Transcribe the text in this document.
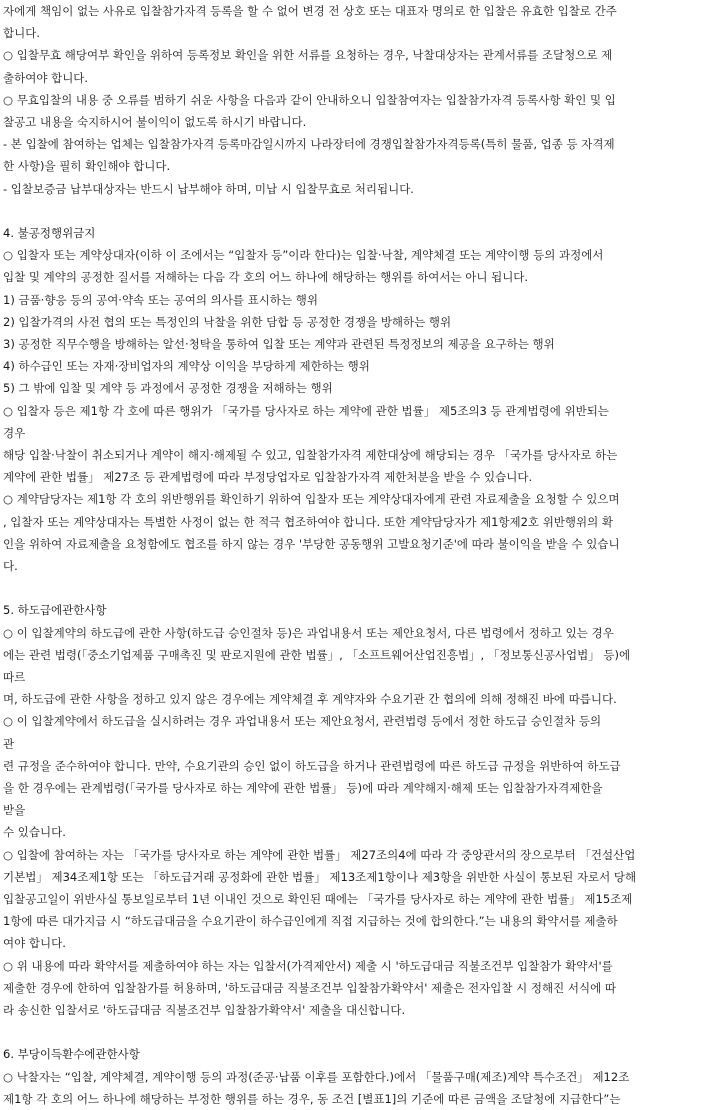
자에게 책임이 없는 사유로 입찰참가자격 등록을 할 수 없어 변경 전 상호 또는 대표자 명의로 한 입찰은 유효한 입찰로 간주
합니다.
○ 입찰무효 해당여부 확인을 위하여 등록정보 확인을 위한 서류를 요청하는 경우, 낙찰대상자는 관계서류를 조달청으로 제
출하여야 합니다.
○ 무효입찰의 내용 중 오류를 범하기 쉬운 사항을 다음과 같이 안내하오니 입찰참여자는 입찰참가자격 등록사항 확인 및 입
찰공고 내용을 숙지하시어 불이익이 없도록 하시기 바랍니다.
- 본 입찰에 참여하는 업체는 입찰참가자격 등록마감일시까지 나라장터에 경쟁입찰참가자격등록(특히 물품, 업종 등 자격제
한 사항)을 필히 확인해야 합니다.
- 입찰보증금 납부대상자는 반드시 납부해야 하며, 미납 시 입찰무효로 처리됩니다.
4. 불공정행위금지
○ 입찰자 또는 계약상대자(이하 이 조에서는 “입찰자 등”이라 한다)는 입찰·낙찰, 계약체결 또는 계약이행 등의 과정에서
입찰 및 계약의 공정한 질서를 저해하는 다음 각 호의 어느 하나에 해당하는 행위를 하여서는 아니 됩니다.
1) 금품·향응 등의 공여·약속 또는 공여의 의사를 표시하는 행위
2) 입찰가격의 사전 협의 또는 특정인의 낙찰을 위한 담합 등 공정한 경쟁을 방해하는 행위
3) 공정한 직무수행을 방해하는 알선·청탁을 통하여 입찰 또는 계약과 관련된 특정정보의 제공을 요구하는 행위
4) 하수급인 또는 자재·장비업자의 계약상 이익을 부당하게 제한하는 행위
5) 그 밖에 입찰 및 계약 등 과정에서 공정한 경쟁을 저해하는 행위
○ 입찰자 등은 제1항 각 호에 따른 행위가 「국가를 당사자로 하는 계약에 관한 법률」 제5조의3 등 관계법령에 위반되는
경우
해당 입찰·낙찰이 취소되거나 계약이 해지·해제될 수 있고, 입찰참가자격 제한대상에 해당되는 경우 「국가를 당사자로 하는
계약에 관한 법률」 제27조 등 관계법령에 따라 부정당업자로 입찰참가자격 제한처분을 받을 수 있습니다.
○ 계약담당자는 제1항 각 호의 위반행위를 확인하기 위하여 입찰자 또는 계약상대자에게 관련 자료제출을 요청할 수 있으며
, 입찰자 또는 계약상대자는 특별한 사정이 없는 한 적극 협조하여야 합니다. 또한 계약담당자가 제1항제2호 위반행위의 확
인을 위하여 자료제출을 요청함에도 협조를 하지 않는 경우 '부당한 공동행위 고발요청기준'에 따라 불이익을 받을 수 있습니
다.
5. 하도급에관한사항
○ 이 입찰계약의 하도급에 관한 사항(하도급 승인절차 등)은 과업내용서 또는 제안요청서, 다른 법령에서 정하고 있는 경우
에는 관련 법령(「중소기업제품 구매촉진 및 판로지원에 관한 법률」, 「소프트웨어산업진흥법」, 「정보통신공사업법」 등)에
따르
며, 하도급에 관한 사항을 정하고 있지 않은 경우에는 계약체결 후 계약자와 수요기관 간 협의에 의해 정해진 바에 따릅니다.
○ 이 입찰계약에서 하도급을 실시하려는 경우 과업내용서 또는 제안요청서, 관련법령 등에서 정한 하도급 승인절차 등의
관
련 규정을 준수하여야 합니다. 만약, 수요기관의 승인 없이 하도급을 하거나 관련법령에 따른 하도급 규정을 위반하여 하도급
을 한 경우에는 관계법령(「국가를 당사자로 하는 계약에 관한 법률」 등)에 따라 계약해지·해제 또는 입찰참가자격제한을
받을
수 있습니다.
○ 입찰에 참여하는 자는 「국가를 당사자로 하는 계약에 관한 법률」 제27조의4에 따라 각 중앙관서의 장으로부터 「건설산업
기본법」 제34조제1항 또는 「하도급거래 공정화에 관한 법률」 제13조제1항이나 제3항을 위반한 사실이 통보된 자로서 당해
입찰공고일이 위반사실 통보일로부터 1년 이내인 것으로 확인된 때에는 「국가를 당사자로 하는 계약에 관한 법률」 제15조제
1항에 따른 대가지급 시 “하도급대금을 수요기관이 하수급인에게 직접 지급하는 것에 합의한다.”는 내용의 확약서를 제출하
여야 합니다.
○ 위 내용에 따라 확약서를 제출하여야 하는 자는 입찰서(가격제안서) 제출 시 '하도급대금 직불조건부 입찰참가 확약서'를
제출한 경우에 한하여 입찰참가를 허용하며, '하도급대금 직불조건부 입찰참가확약서' 제출은 전자입찰 시 정해진 서식에 따
라 송신한 입찰서로 '하도급대금 직불조건부 입찰참가확약서' 제출을 대신합니다.
6. 부당이득환수에관한사항
○ 낙찰자는 “입찰, 계약체결, 계약이행 등의 과정(준공·납품 이후를 포함한다.)에서 「물품구매(제조)계약 특수조건」 제12조
제1항 각 호의 어느 하나에 해당하는 부정한 행위를 하는 경우, 동 조건 [별표1]의 기준에 따른 금액을 조달청에 지급한다”는
